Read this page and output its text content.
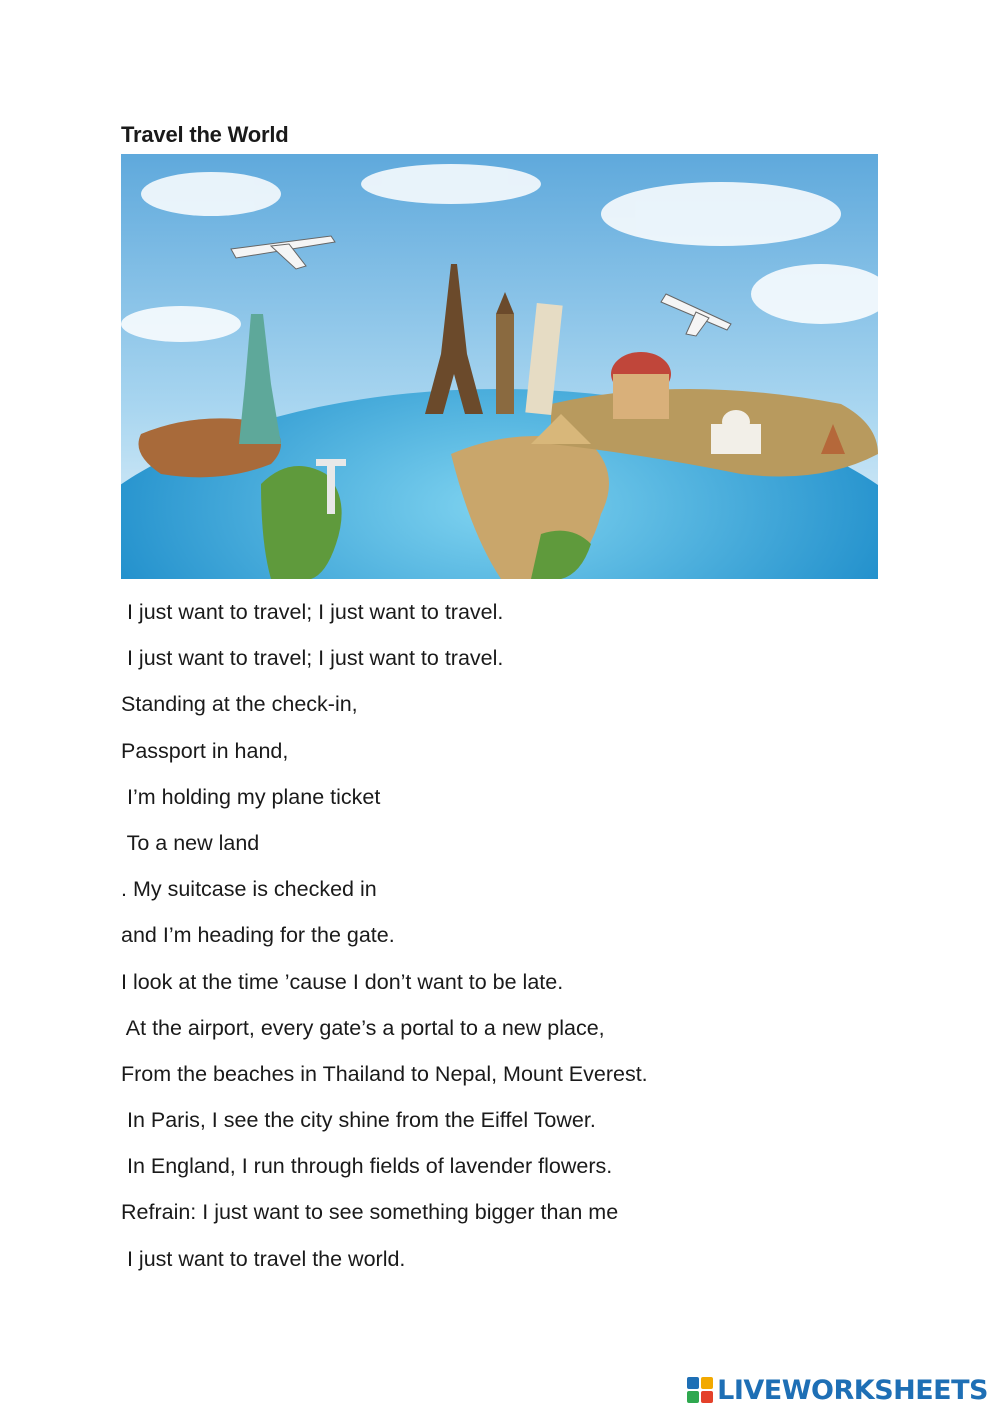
Travel the World
I just want to travel; I just want to travel.
I just want to travel; I just want to travel.
Standing at the check-in,
Passport in hand,
I’m holding my plane ticket
To a new land
. My suitcase is checked in
and I’m heading for the gate.
I look at the time ’cause I don’t want to be late.
At the airport, every gate’s a portal to a new place,
From the beaches in Thailand to Nepal, Mount Everest.
In Paris, I see the city shine from the Eiffel Tower.
In England, I run through fields of lavender flowers.
Refrain: I just want to see something bigger than me
I just want to travel the world.
LIVEWORKSHEETS
